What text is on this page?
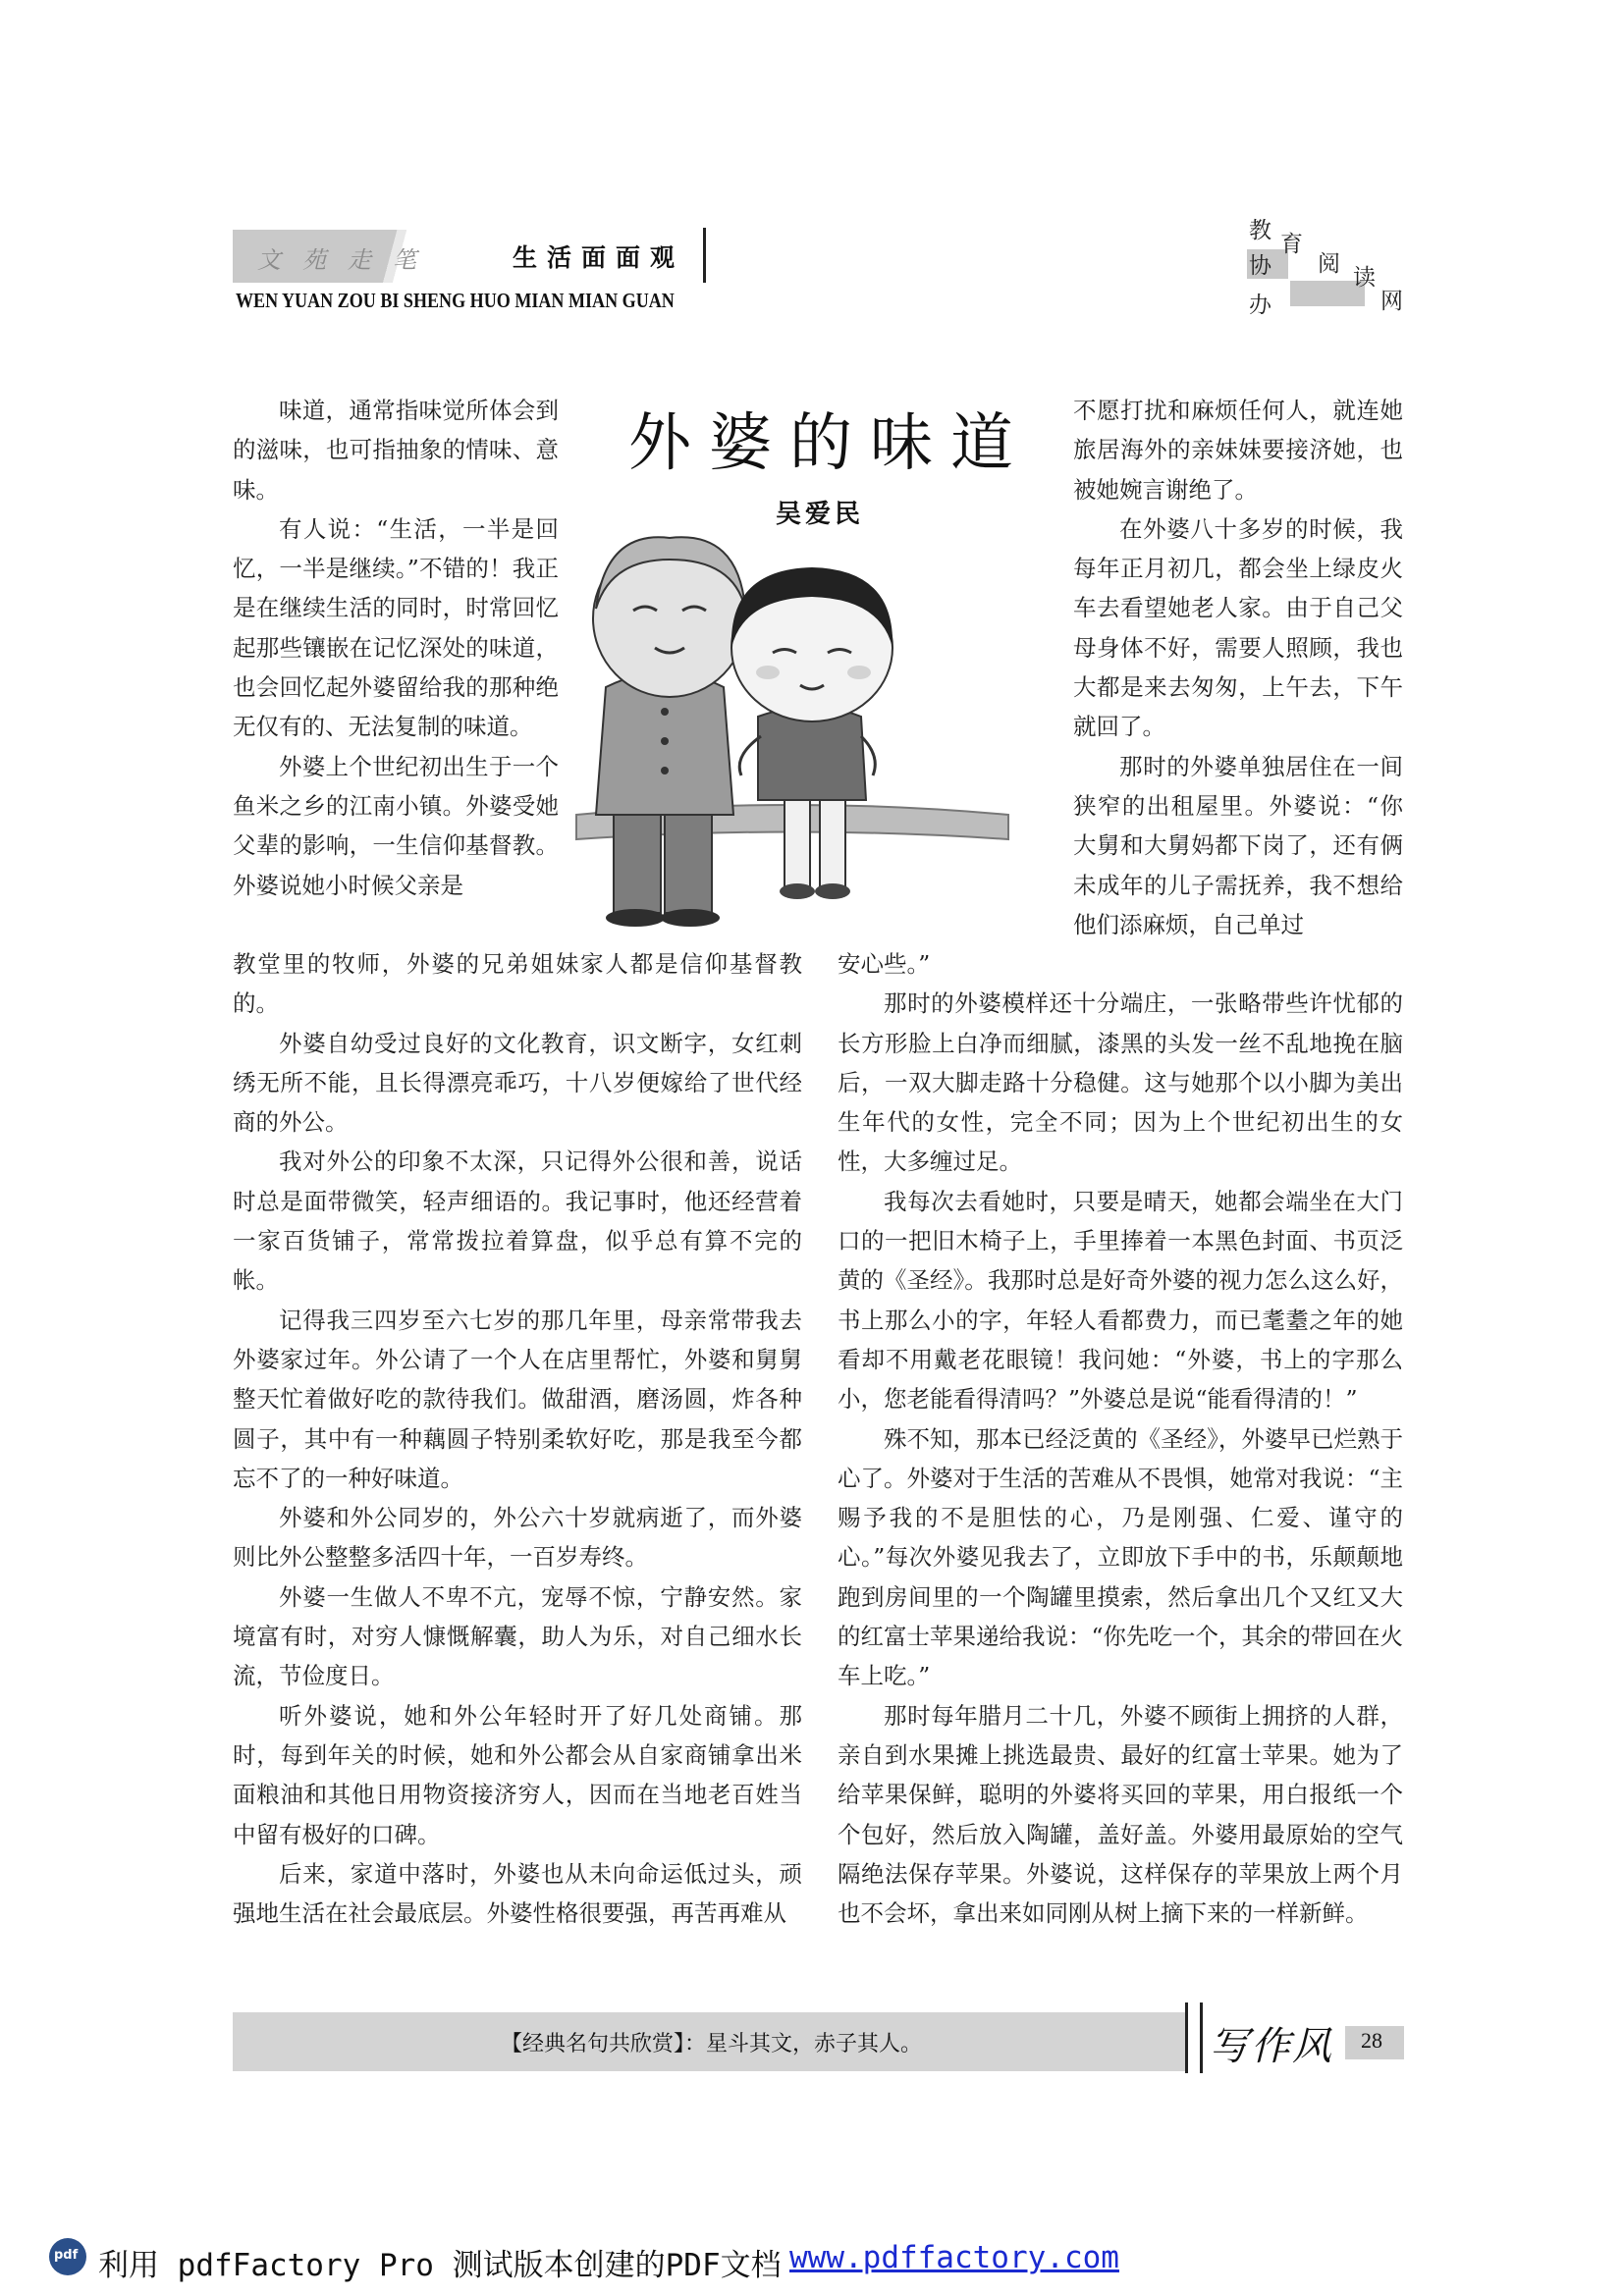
文苑走笔	生活面面观
WEN YUAN ZOU BI SHENG HUO MIAN MIAN GUAN
教
育
协 阅
读
办	网
外婆的味道
吴爱民
味道，通常指味觉所体会到的滋味，也可指抽象的情味、意味。
有人说：“生活，一半是回忆，一半是继续。”不错的！我正是在继续生活的同时，时常回忆起那些镶嵌在记忆深处的味道，也会回忆起外婆留给我的那种绝无仅有的、无法复制的味道。
外婆上个世纪初出生于一个鱼米之乡的江南小镇。外婆受她父辈的影响，一生信仰基督教。外婆说她小时候父亲是
教堂里的牧师，外婆的兄弟姐妹家人都是信仰基督教的。
外婆自幼受过良好的文化教育，识文断字，女红刺绣无所不能，且长得漂亮乖巧，十八岁便嫁给了世代经商的外公。
我对外公的印象不太深，只记得外公很和善，说话时总是面带微笑，轻声细语的。我记事时，他还经营着一家百货铺子，常常拨拉着算盘，似乎总有算不完的帐。
记得我三四岁至六七岁的那几年里，母亲常带我去外婆家过年。外公请了一个人在店里帮忙，外婆和舅舅整天忙着做好吃的款待我们。做甜酒，磨汤圆，炸各种圆子，其中有一种藕圆子特别柔软好吃，那是我至今都忘不了的一种好味道。
外婆和外公同岁的，外公六十岁就病逝了，而外婆则比外公整整多活四十年，一百岁寿终。
外婆一生做人不卑不亢，宠辱不惊，宁静安然。家境富有时，对穷人慷慨解囊，助人为乐，对自己细水长流，节俭度日。
听外婆说，她和外公年轻时开了好几处商铺。那时，每到年关的时候，她和外公都会从自家商铺拿出米面粮油和其他日用物资接济穷人，因而在当地老百姓当中留有极好的口碑。
后来，家道中落时，外婆也从未向命运低过头，顽强地生活在社会最底层。外婆性格很要强，再苦再难从
不愿打扰和麻烦任何人，就连她旅居海外的亲妹妹要接济她，也被她婉言谢绝了。
在外婆八十多岁的时候，我每年正月初几，都会坐上绿皮火车去看望她老人家。由于自己父母身体不好，需要人照顾，我也大都是来去匆匆，上午去，下午就回了。
那时的外婆单独居住在一间狭窄的出租屋里。外婆说：“你大舅和大舅妈都下岗了，还有俩未成年的儿子需抚养，我不想给他们添麻烦，自己单过
安心些。”
那时的外婆模样还十分端庄，一张略带些许忧郁的长方形脸上白净而细腻，漆黑的头发一丝不乱地挽在脑后，一双大脚走路十分稳健。这与她那个以小脚为美出生年代的女性，完全不同；因为上个世纪初出生的女性，大多缠过足。
我每次去看她时，只要是晴天，她都会端坐在大门口的一把旧木椅子上，手里捧着一本黑色封面、书页泛黄的《圣经》。我那时总是好奇外婆的视力怎么这么好，书上那么小的字，年轻人看都费力，而已耄耋之年的她看却不用戴老花眼镜！我问她：“外婆，书上的字那么小，您老能看得清吗？”外婆总是说“能看得清的！”
殊不知，那本已经泛黄的《圣经》，外婆早已烂熟于心了。外婆对于生活的苦难从不畏惧，她常对我说：“主赐予我的不是胆怯的心，乃是刚强、仁爱、谨守的心。”每次外婆见我去了，立即放下手中的书，乐颠颠地跑到房间里的一个陶罐里摸索，然后拿出几个又红又大的红富士苹果递给我说：“你先吃一个，其余的带回在火车上吃。”
那时每年腊月二十几，外婆不顾街上拥挤的人群，亲自到水果摊上挑选最贵、最好的红富士苹果。她为了给苹果保鲜，聪明的外婆将买回的苹果，用白报纸一个个包好，然后放入陶罐，盖好盖。外婆用最原始的空气隔绝法保存苹果。外婆说，这样保存的苹果放上两个月也不会坏，拿出来如同刚从树上摘下来的一样新鲜。
【经典名句共欣赏】：星斗其文，赤子其人。	写作风 28
pdf 利用 pdfFactory Pro 测试版本创建的PDF文档 www.pdffactory.com
